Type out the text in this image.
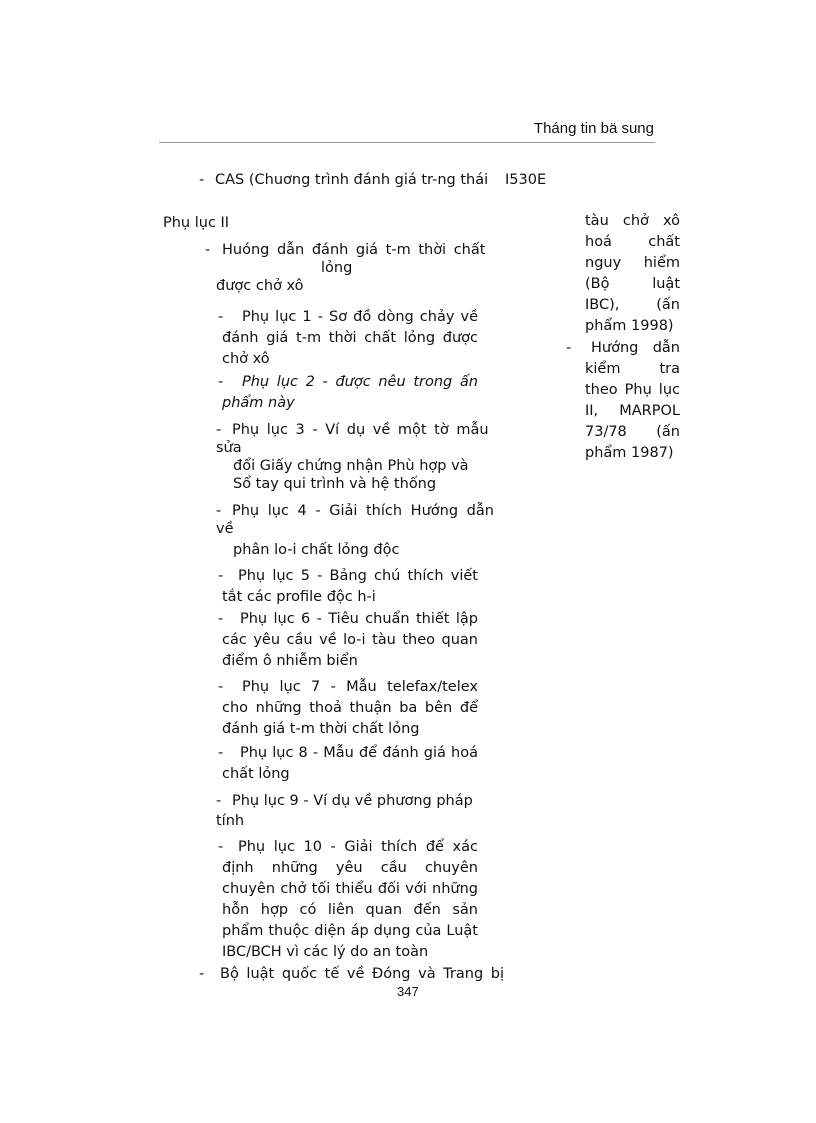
Tháng tin bä sung
- CAS (Chuơng trình đánh giá tr-ng thái I530E
Phụ lục II
- Huóng dẫn đánh giá t-m thời chất
lỏng
được chở xô
-	Phụ lục 1 - Sơ đồ dòng chảy về đánh giá t-m thời chất lỏng được chở xô
-	Phụ lục 2 - được nêu trong ấn phẩm này
- Phụ lục 3 - Ví dụ về một tờ mẫu
sửa
đổi Giấy chứng nhận Phù hợp và
Sổ tay qui trình và hệ thống
- Phụ lục 4 - Giải thích Hướng dẫn
về
phân lo-i chất lỏng độc
-	Phụ lục 5 - Bảng chú thích viết tắt các profile độc h-i
-	Phụ lục 6 - Tiêu chuẩn thiết lập các yêu cầu về lo-i tàu theo quan điểm ô nhiễm biển
-	Phụ lục 7 - Mẫu telefax/telex cho những thoả thuận ba bên để đánh giá t-m thời chất lỏng
-	Phụ lục 8 - Mẫu để đánh giá hoá chất lỏng
- Phụ lục 9 - Ví dụ về phương pháp
tính
-	Phụ lục 10 - Giải thích để xác định những yêu cầu chuyên chuyên chở tối thiểu đối với những hỗn hợp có liên quan đến sản phẩm thuộc diện áp dụng của Luật IBC/BCH vì các lý do an toàn
- Bộ luật quốc tế về Đóng và Trang bị
347
tàu chở xô hoá chất nguy hiểm (Bộ luật IBC), (ấn phẩm 1998)
-	Hướng dẫn kiểm tra theo Phụ lục II, MARPOL 73/78 (ấn phẩm 1987)
